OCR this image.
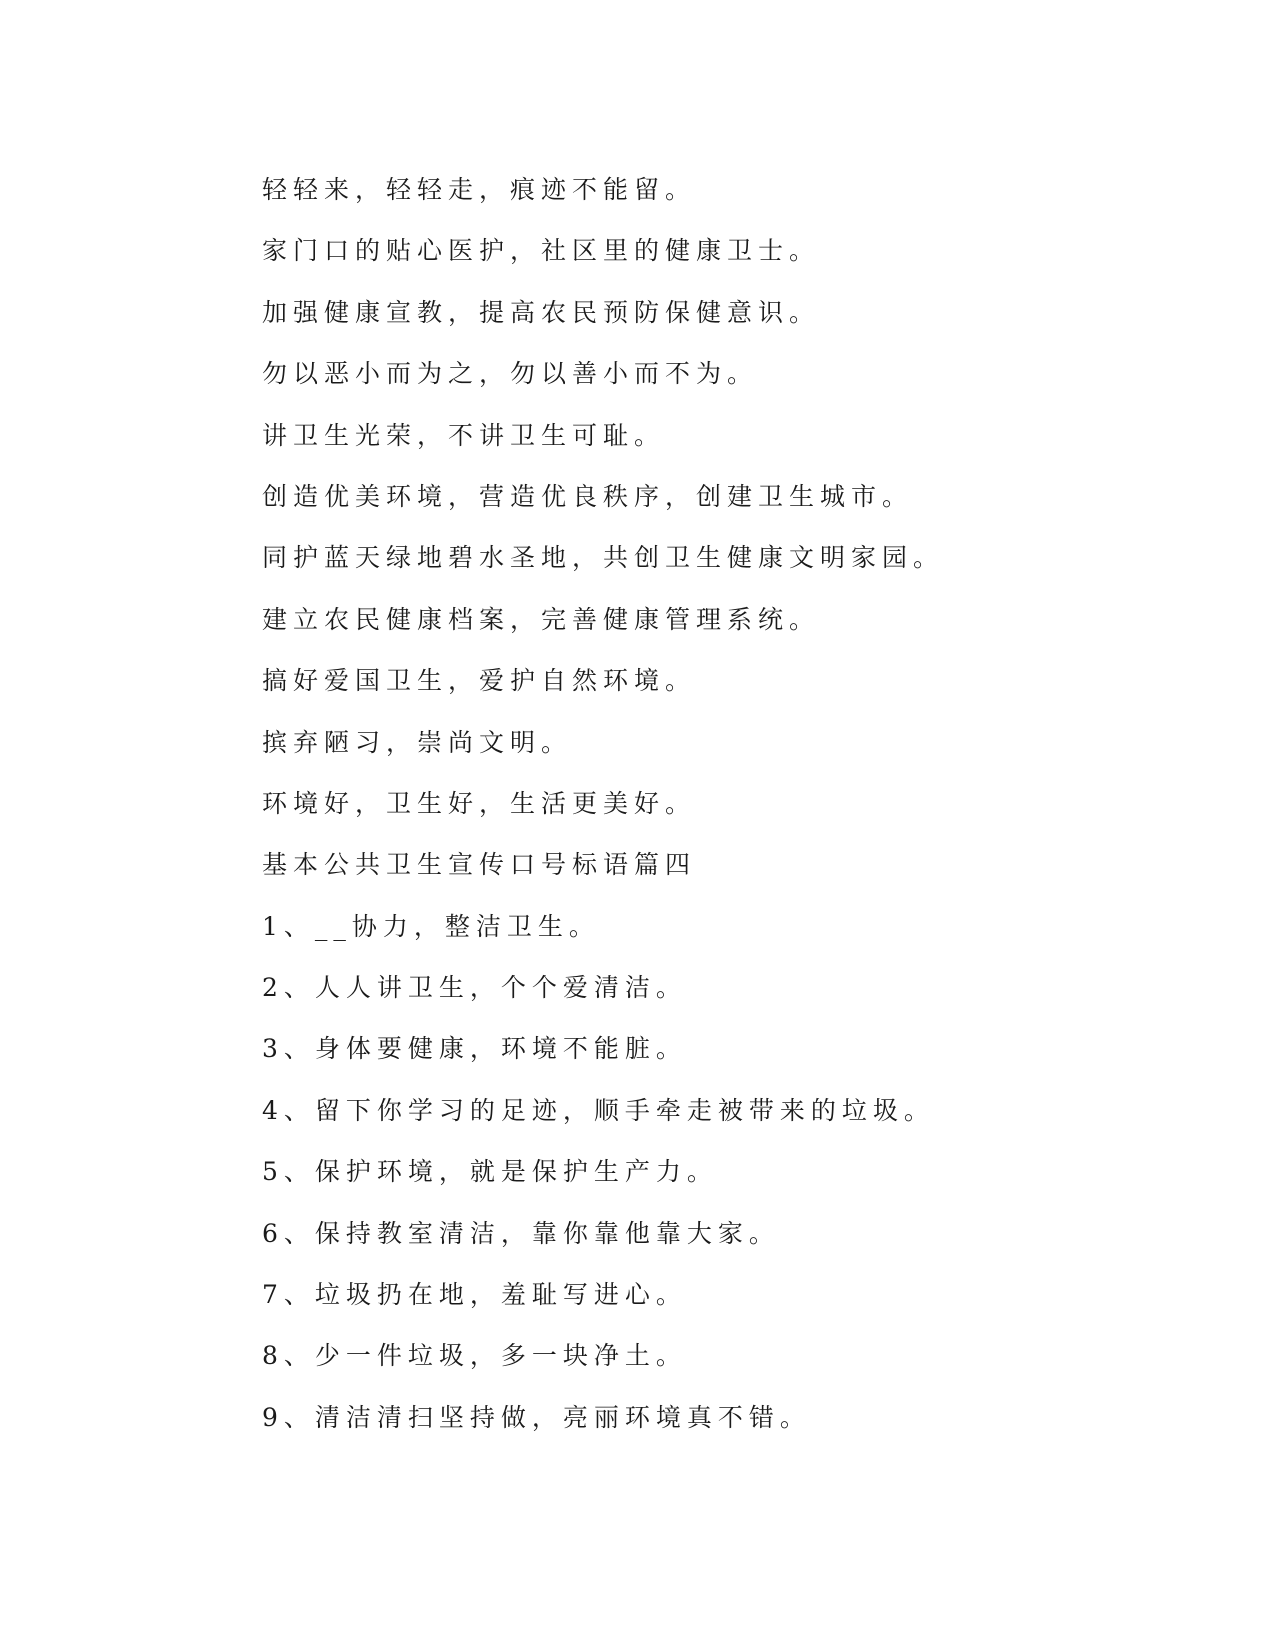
轻轻来，轻轻走，痕迹不能留。
家门口的贴心医护，社区里的健康卫士。
加强健康宣教，提高农民预防保健意识。
勿以恶小而为之，勿以善小而不为。
讲卫生光荣，不讲卫生可耻。
创造优美环境，营造优良秩序，创建卫生城市。
同护蓝天绿地碧水圣地，共创卫生健康文明家园。
建立农民健康档案，完善健康管理系统。
搞好爱国卫生，爱护自然环境。
摈弃陋习，崇尚文明。
环境好，卫生好，生活更美好。
基本公共卫生宣传口号标语篇四
1、__协力，整洁卫生。
2、人人讲卫生，个个爱清洁。
3、身体要健康，环境不能脏。
4、留下你学习的足迹，顺手牵走被带来的垃圾。
5、保护环境，就是保护生产力。
6、保持教室清洁，靠你靠他靠大家。
7、垃圾扔在地，羞耻写进心。
8、少一件垃圾，多一块净土。
9、清洁清扫坚持做，亮丽环境真不错。
